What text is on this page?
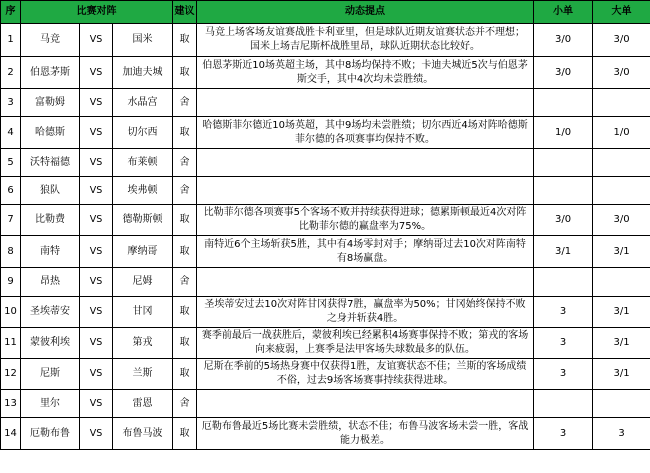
序	比赛对阵			建议	动态提点	小单	大单
1	马竞	VS	国米	取	马竞上场客场友谊赛战胜卡利亚里，但是球队近期友谊赛状态并不理想；国米上场吉尼斯杯战胜里昂，球队近期状态比较好。	3/0	3/0
2	伯恩茅斯	VS	加迪夫城	取	伯恩茅斯近10场英超主场，其中8场均保持不败；卡迪夫城近5次与伯恩茅斯交手，其中4次均未尝胜绩。	3/0	3/0
3	富勒姆	VS	水晶宫	舍			
4	哈德斯	VS	切尔西	取	哈德斯菲尔德近10场英超，其中9场均未尝胜绩；切尔西近4场对阵哈德斯菲尔德的各项赛事均保持不败。	1/0	1/0
5	沃特福德	VS	布莱顿	舍			
6	狼队	VS	埃弗顿	舍			
7	比勒费	VS	德勒斯顿	取	比勒菲尔德各项赛事5个客场不败并持续获得进球；德累斯顿最近4次对阵比勒菲尔德的赢盘率为75%。	3/0	3/0
8	南特	VS	摩纳哥	取	南特近6个主场斩获5胜，其中有4场零封对手；摩纳哥过去10次对阵南特有8场赢盘。	3/1	3/1
9	昂热	VS	尼姆	舍			
10	圣埃蒂安	VS	甘冈	取	圣埃蒂安过去10次对阵甘冈获得7胜，赢盘率为50%；甘冈始终保持不败之身并斩获4胜。	3	3/1
11	蒙彼利埃	VS	第戎	取	赛季前最后一战获胜后，蒙彼利埃已经累积4场赛事保持不败；第戎的客场向来疲弱，上赛季是法甲客场失球数最多的队伍。	3	3/1
12	尼斯	VS	兰斯	取	尼斯在季前的5场热身赛中仅获得1胜，友谊赛状态不佳；兰斯的客场成绩不俗，过去9场客场赛事持续获得进球。	3	3/1
13	里尔	VS	雷恩	舍			
14	厄勒布鲁	VS	布鲁马波	取	厄勒布鲁最近5场比赛未尝胜绩，状态不佳；布鲁马波客场未尝一胜，客战能力极差。	3	3
